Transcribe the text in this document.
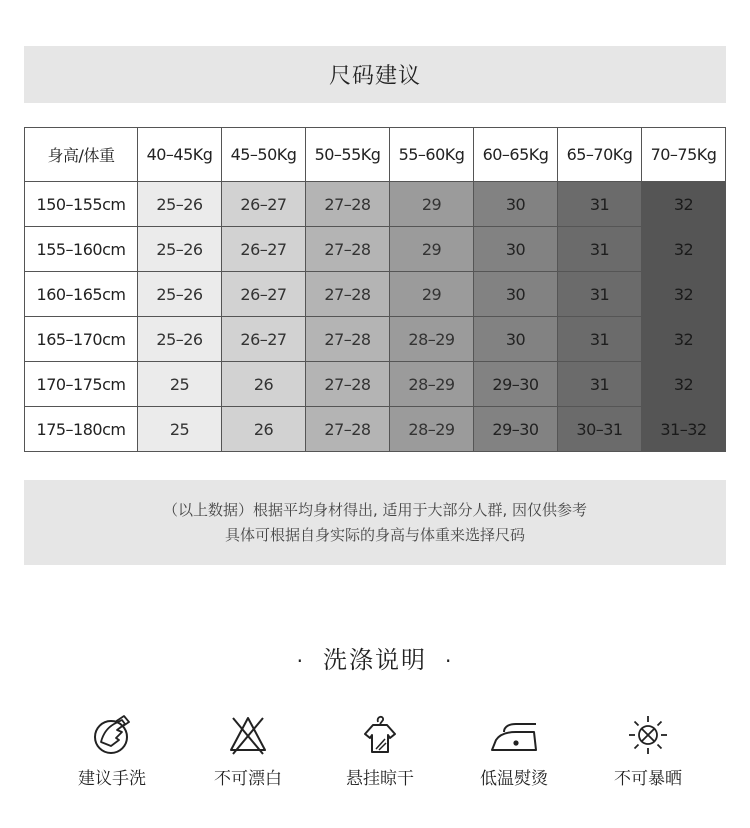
尺码建议
身高/体重	40–45Kg	45–50Kg	50–55Kg	55–60Kg	60–65Kg	65–70Kg	70–75Kg
150–155cm	25–26	26–27	27–28	29	30	31	32
155–160cm	25–26	26–27	27–28	29	30	31	32
160–165cm	25–26	26–27	27–28	29	30	31	32
165–170cm	25–26	26–27	27–28	28–29	30	31	32
170–175cm	25	26	27–28	28–29	29–30	31	32
175–180cm	25	26	27–28	28–29	29–30	30–31	31–32
（以上数据）根据平均身材得出, 适用于大部分人群, 因仅供参考
具体可根据自身实际的身高与体重来选择尺码
· 洗涤说明 ·
建议手洗	不可漂白	悬挂晾干	低温熨烫	不可暴晒
